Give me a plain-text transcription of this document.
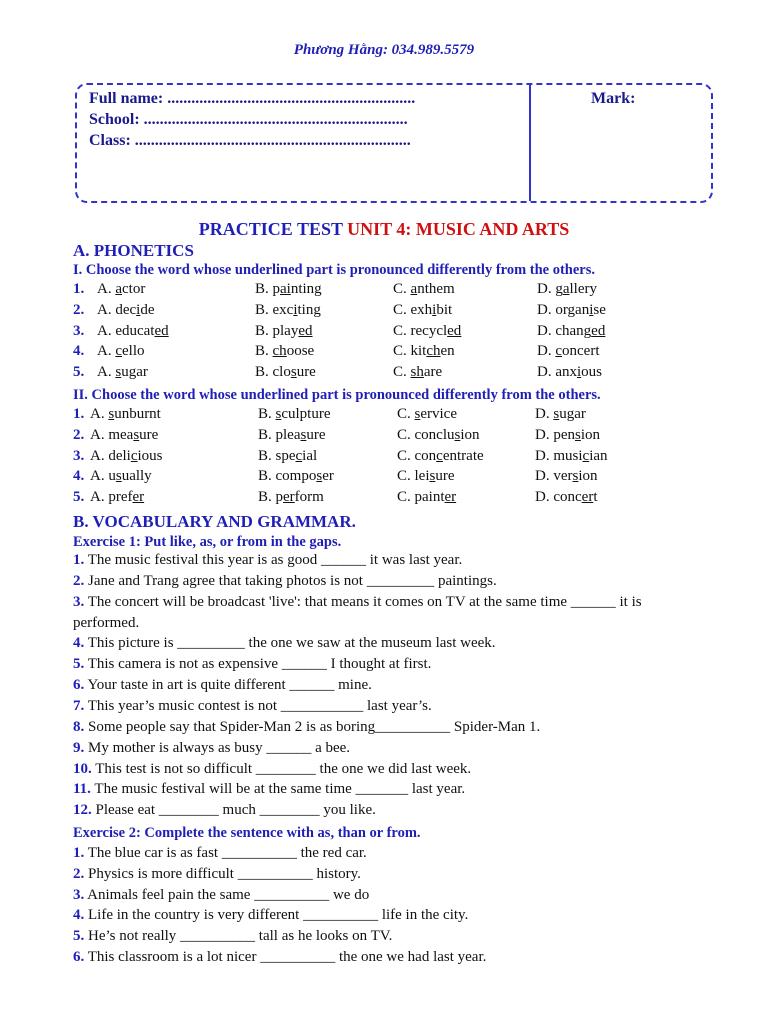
Phương Hằng: 034.989.5579
Full name: ..............................................................
School: ..................................................................
Class: .....................................................................
Mark:
PRACTICE TEST UNIT 4: MUSIC AND ARTS
A. PHONETICS
I. Choose the word whose underlined part is pronounced differently from the others.
1. A. actor	B. painting	C. anthem	D. gallery
2. A. decide	B. exciting	C. exhibit	D. organise
3. A. educated	B. played	C. recycled	D. changed
4. A. cello	B. choose	C. kitchen	D. concert
5. A. sugar	B. closure	C. share	D. anxious
II. Choose the word whose underlined part is pronounced differently from the others.
1. A. sunburnt	B. sculpture	C. service	D. sugar
2. A. measure	B. pleasure	C. conclusion	D. pension
3. A. delicious	B. special	C. concentrate	D. musician
4. A. usually	B. composer	C. leisure	D. version
5. A. prefer	B. perform	C. painter	D. concert
B. VOCABULARY AND GRAMMAR.
Exercise 1: Put like, as, or from in the gaps.
1. The music festival this year is as good ______ it was last year.
2. Jane and Trang agree that taking photos is not _________ paintings.
3. The concert will be broadcast 'live': that means it comes on TV at the same time ______ it is
performed.
4. This picture is _________ the one we saw at the museum last week.
5. This camera is not as expensive ______ I thought at first.
6. Your taste in art is quite different ______ mine.
7. This year’s music contest is not ___________ last year’s.
8. Some people say that Spider-Man 2 is as boring__________ Spider-Man 1.
9. My mother is always as busy ______ a bee.
10. This test is not so difficult ________ the one we did last week.
11. The music festival will be at the same time _______ last year.
12. Please eat ________ much ________ you like.
Exercise 2: Complete the sentence with as, than or from.
1. The blue car is as fast __________ the red car.
2. Physics is more difficult __________ history.
3. Animals feel pain the same __________ we do
4. Life in the country is very different __________ life in the city.
5. He’s not really __________ tall as he looks on TV.
6. This classroom is a lot nicer __________ the one we had last year.
